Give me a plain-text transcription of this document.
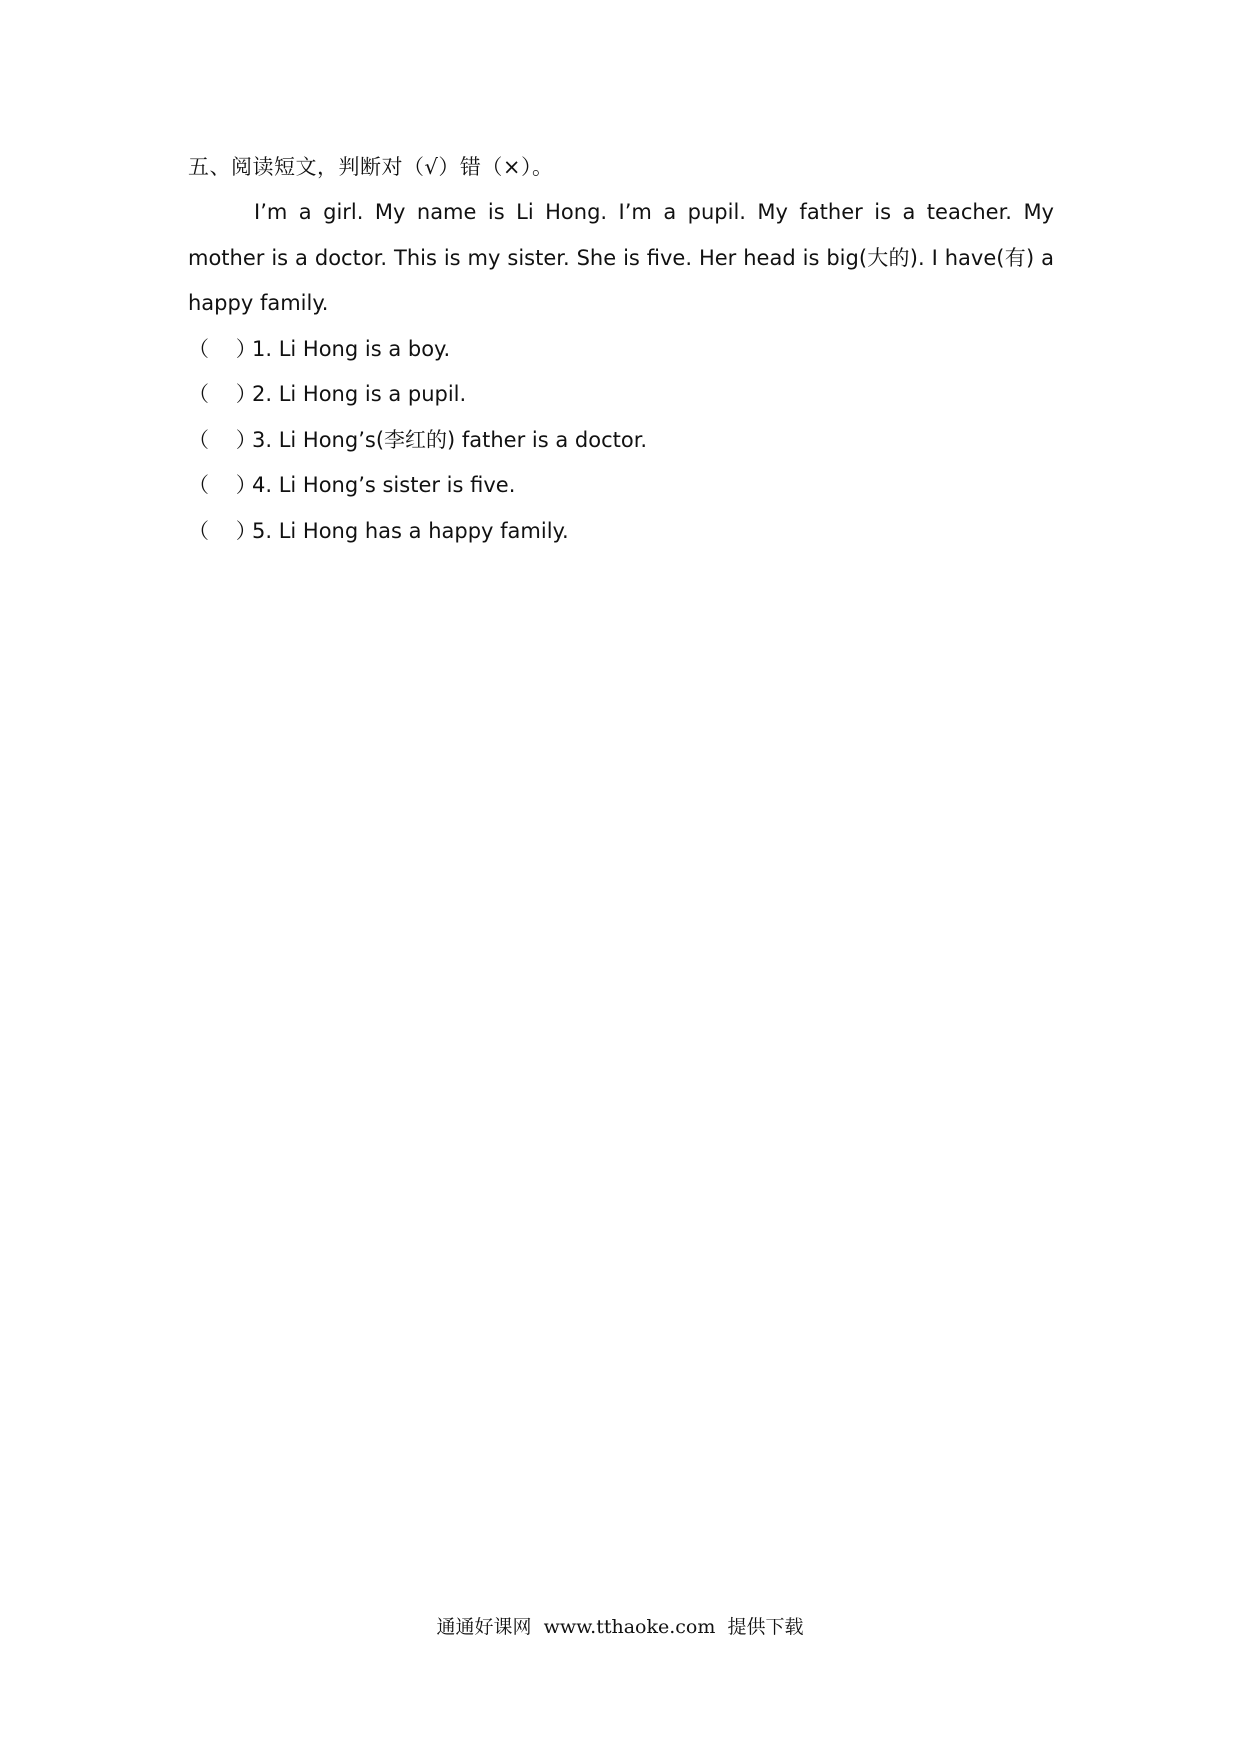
五、阅读短文，判断对（√）错（×）。

I’m a girl. My name is Li Hong. I’m a pupil. My father is a teacher. My mother is a doctor. This is my sister. She is five. Her head is big(大的). I have(有) a happy family.

（    ）1. Li Hong is a boy.
（    ）2. Li Hong is a pupil.
（    ）3. Li Hong’s(李红的) father is a doctor.
（    ）4. Li Hong’s sister is five.
（    ）5. Li Hong has a happy family.
通通好课网  www.tthaoke.com  提供下载
